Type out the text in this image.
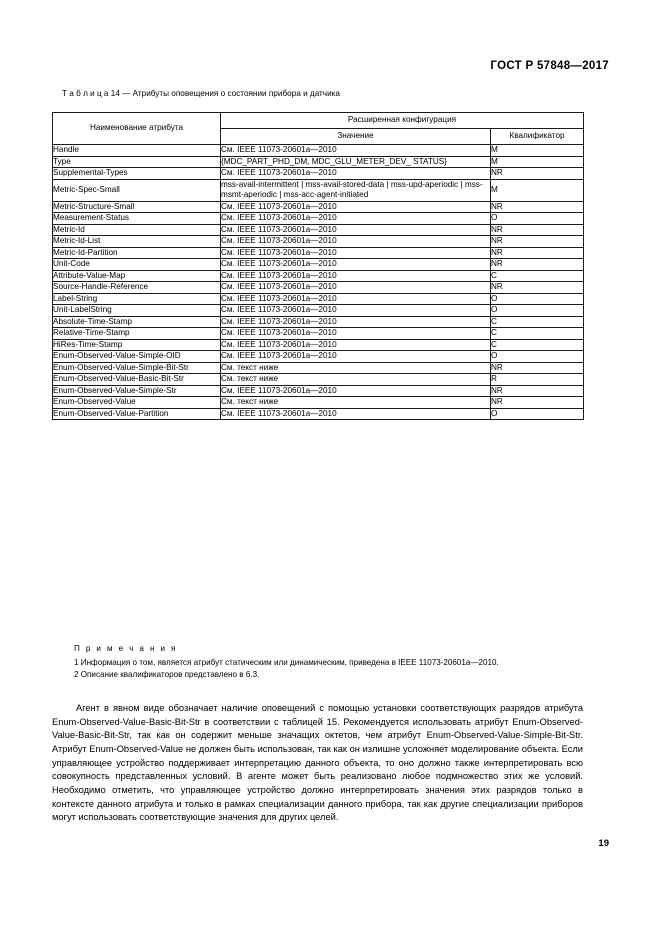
ГОСТ Р 57848—2017
Т а б л и ц а 14 — Атрибуты оповещения о состоянии прибора и датчика
Наименование атрибута	Расширенная конфигурация	
	Значение	Квалификатор
Handle	См. IEEE 11073-20601a—2010	M
Type	{MDC_PART_PHD_DM, MDC_GLU_METER_DEV_ STATUS}	M
Supplemental-Types	См. IEEE 11073-20601a—2010	NR
Metric-Spec-Small	mss-avail-intermittent | mss-avail-stored-data | mss-upd-aperiodic | mss-msmt-aperiodic | mss-acc-agent-initiated	M
Metric-Structure-Small	См. IEEE 11073-20601a—2010	NR
Measurement-Status	См. IEEE 11073-20601a—2010	O
Metric-Id	См. IEEE 11073-20601a—2010	NR
Metric-Id-List	См. IEEE 11073-20601a—2010	NR
Metric-Id-Partition	См. IEEE 11073-20601a—2010	NR
Unit-Code	См. IEEE 11073-20601a—2010	NR
Attribute-Value-Map	См. IEEE 11073-20601a—2010	C
Source-Handle-Reference	См. IEEE 11073-20601a—2010	NR
Label-String	См. IEEE 11073-20601a—2010	O
Unit-LabelString	См. IEEE 11073-20601a—2010	O
Absolute-Time-Stamp	См. IEEE 11073-20601a—2010	C
Relative-Time-Stamp	См. IEEE 11073-20601a—2010	C
HiRes-Time-Stamp	См. IEEE 11073-20601a—2010	C
Enum-Observed-Value-Simple-OID	См. IEEE 11073-20601a—2010	O
Enum-Observed-Value-Simple-Bit-Str	См. текст ниже	NR
Enum-Observed-Value-Basic-Bit-Str	См. текст ниже	R
Enum-Observed-Value-Simple-Str	См. IEEE 11073-20601a—2010	NR
Enum-Observed-Value	См. текст ниже	NR
Enum-Observed-Value-Partition	См. IEEE 11073-20601a—2010	O
П р и м е ч а н и я
1 Информация о том, является атрибут статическим или динамическим, приведена в IEEE 11073-20601a—2010.
2 Описание квалификаторов представлено в 6.3.
Агент в явном виде обозначает наличие оповещений с помощью установки соответствующих разрядов атрибута Enum-Observed-Value-Basic-Bit-Str в соответствии с таблицей 15. Рекомендуется использовать атрибут Enum-Observed-Value-Basic-Bit-Str, так как он содержит меньше значащих октетов, чем атрибут Enum-Observed-Value-Simple-Bit-Str. Атрибут Enum-Observed-Value не должен быть использован, так как он излишне усложняет моделирование объекта. Если управляющее устройство поддерживает интерпретацию данного объекта, то оно должно также интерпретировать всю совокупность представленных условий. В агенте может быть реализовано любое подмножество этих же условий. Необходимо отметить, что управляющее устройство должно интерпретировать значения этих разрядов только в контексте данного атрибута и только в рамках специализации данного прибора, так как другие специализации приборов могут использовать соответствующие значения для других целей.
19
